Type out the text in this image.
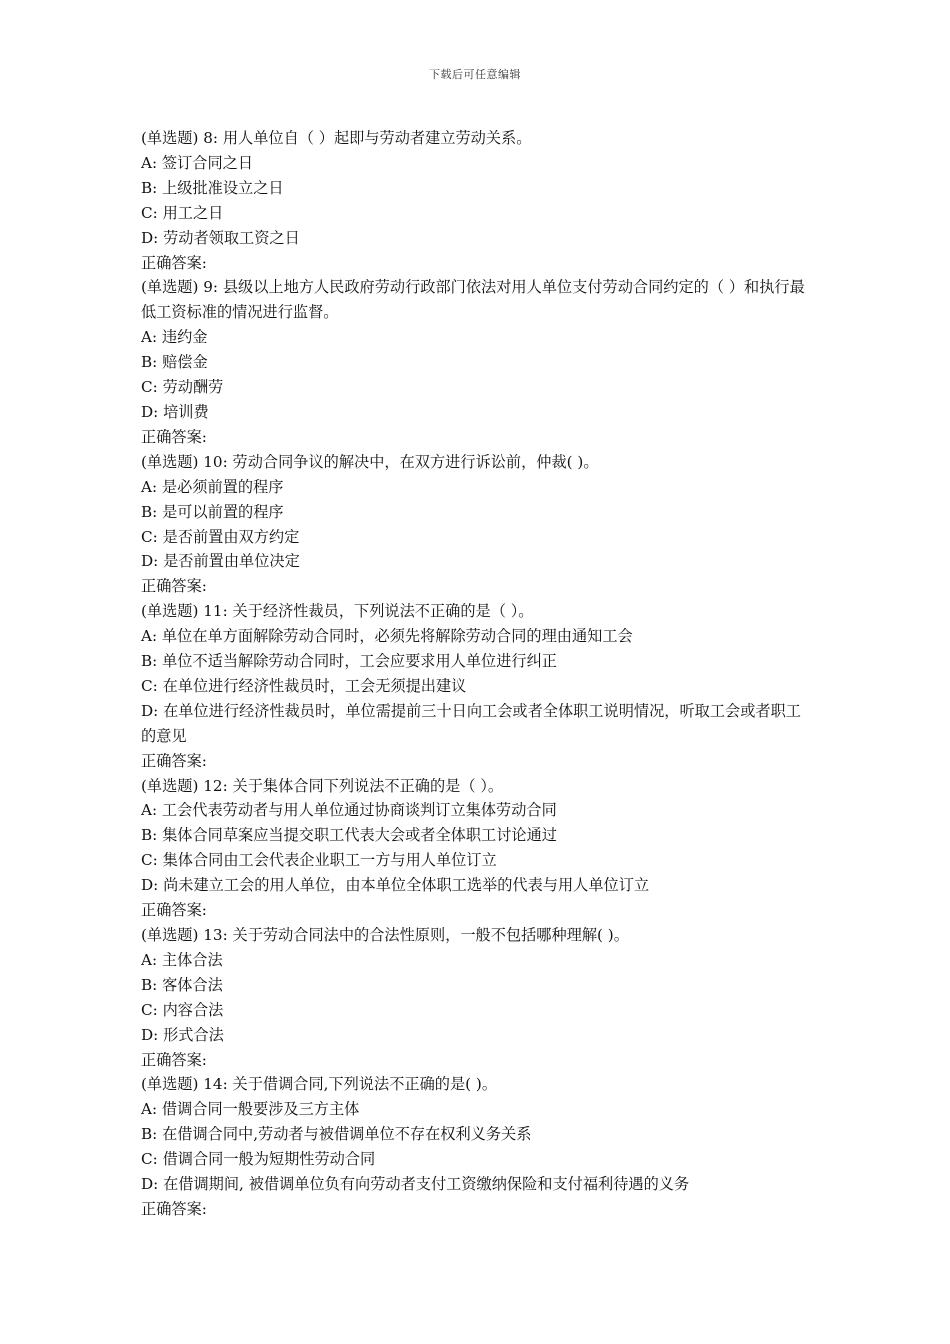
下载后可任意编辑

(单选题) 8: 用人单位自（ ）起即与劳动者建立劳动关系。

A: 签订合同之日

B: 上级批准设立之日

C: 用工之日

D: 劳动者领取工资之日

正确答案:

(单选题) 9: 县级以上地方人民政府劳动行政部门依法对用人单位支付劳动合同约定的（ ）和执行最低工资标准的情况进行监督。

A: 违约金

B: 赔偿金

C: 劳动酬劳

D: 培训费

正确答案:

(单选题) 10: 劳动合同争议的解决中，在双方进行诉讼前，仲裁( )。

A: 是必须前置的程序

B: 是可以前置的程序

C: 是否前置由双方约定

D: 是否前置由单位决定

正确答案:

(单选题) 11: 关于经济性裁员，下列说法不正确的是（ ）。

A: 单位在单方面解除劳动合同时，必须先将解除劳动合同的理由通知工会

B: 单位不适当解除劳动合同时，工会应要求用人单位进行纠正

C: 在单位进行经济性裁员时，工会无须提出建议

D: 在单位进行经济性裁员时，单位需提前三十日向工会或者全体职工说明情况，听取工会或者职工的意见

正确答案:

(单选题) 12: 关于集体合同下列说法不正确的是（ ）。

A: 工会代表劳动者与用人单位通过协商谈判订立集体劳动合同

B: 集体合同草案应当提交职工代表大会或者全体职工讨论通过

C: 集体合同由工会代表企业职工一方与用人单位订立

D: 尚未建立工会的用人单位，由本单位全体职工选举的代表与用人单位订立

正确答案:

(单选题) 13: 关于劳动合同法中的合法性原则，一般不包括哪种理解( )。

A: 主体合法

B: 客体合法

C: 内容合法

D: 形式合法

正确答案:

(单选题) 14: 关于借调合同,下列说法不正确的是( )。

A: 借调合同一般要涉及三方主体

B: 在借调合同中,劳动者与被借调单位不存在权利义务关系

C: 借调合同一般为短期性劳动合同

D: 在借调期间, 被借调单位负有向劳动者支付工资缴纳保险和支付福利待遇的义务

正确答案:
